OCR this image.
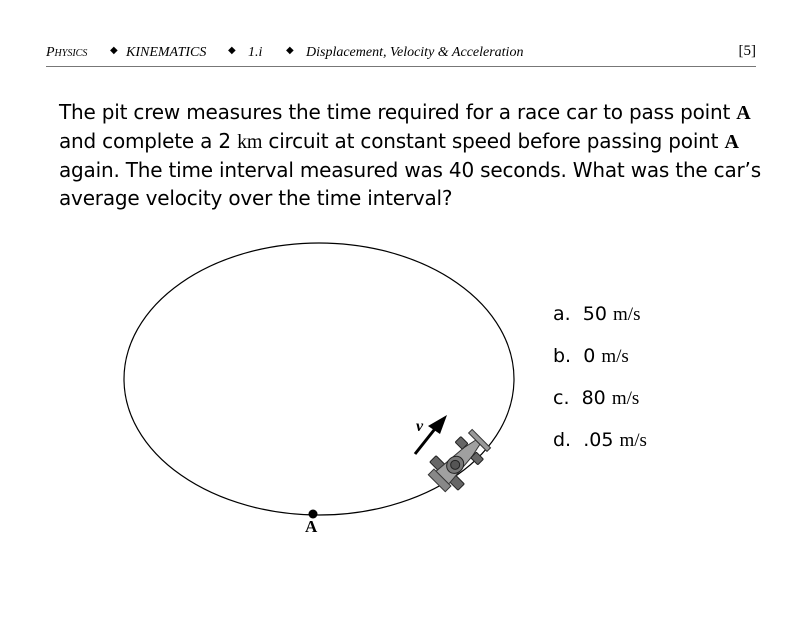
Physics ◆ KINEMATICS ◆ 1.i ◆ Displacement, Velocity & Acceleration	[5]
The pit crew measures the time required for a race car to pass point A
and complete a 2 km circuit at constant speed before passing point A
again. The time interval measured was 40 seconds. What was the car’s
average velocity over the time interval?
v
A
a. 50 m/s
b. 0 m/s
c. 80 m/s
d. .05 m/s
